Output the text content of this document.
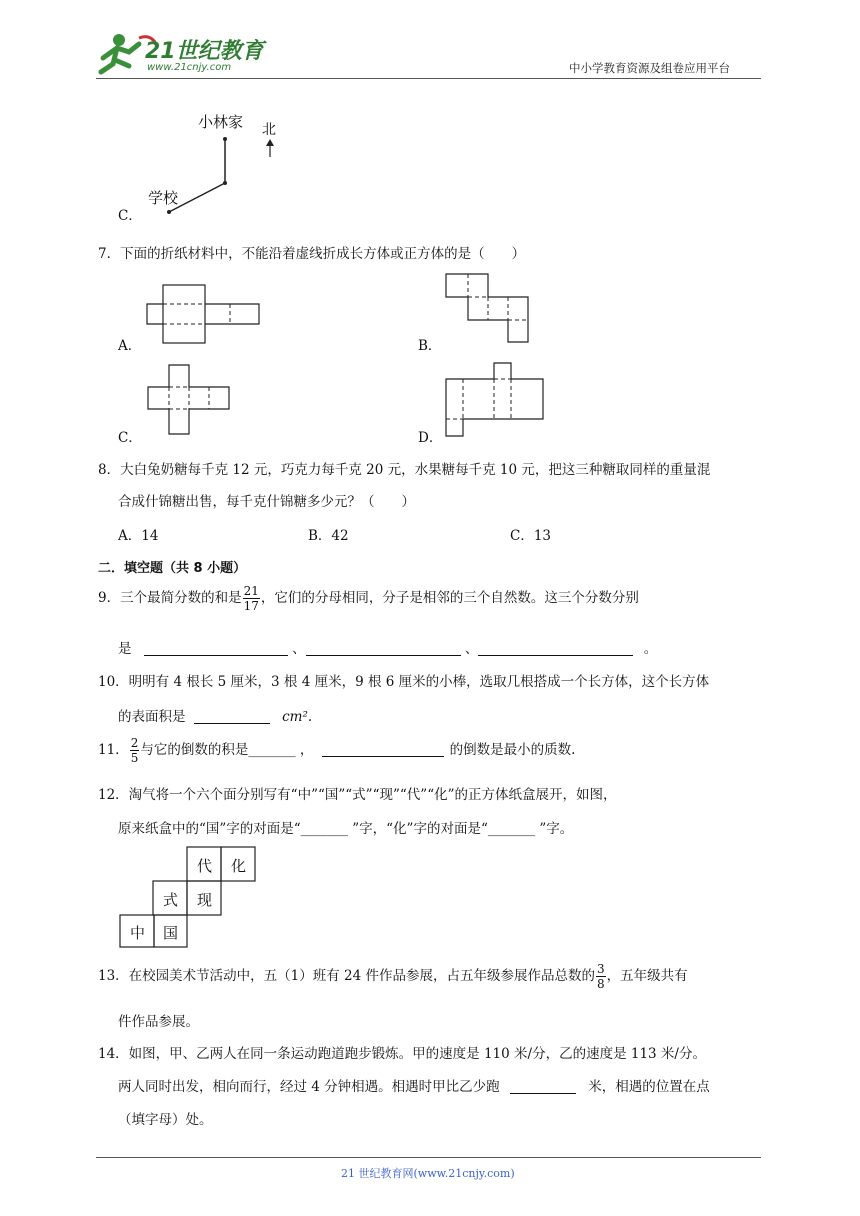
21世纪教育
www.21cnjy.com	中小学教育资源及组卷应用平台
C．
小林家 北
学校
7．下面的折纸材料中，不能沿着虚线折成长方体或正方体的是（　　）
A．	B．
C．	D．
8．大白兔奶糖每千克 12 元，巧克力每千克 20 元，水果糖每千克 10 元，把这三种糖取同样的重量混
合成什锦糖出售，每千克什锦糖多少元？（　　）
A．14	B．42	C．13
二．填空题（共 8 小题）
9．三个最简分数的和是 $\frac{21}{17}$ ，它们的分母相同，分子是相邻的三个自然数。这三个分数分别
是	、	、	。
10．明明有 4 根长 5 厘米，3 根 4 厘米，9 根 6 厘米的小棒，选取几根搭成一个长方体，这个长方体
的表面积是	cm².
11． $\frac{2}{5}$ 与它的倒数的积是_______ ，	的倒数是最小的质数.
12．淘气将一个六个面分别写有“中”“国”“式”“现”“代”“化”的正方体纸盒展开，如图，
原来纸盒中的“国”字的对面是“_______ ”字，“化”字的对面是“_______ ”字。
代 化
式 现
中 国
13．在校园美术节活动中，五（1）班有 24 件作品参展，占五年级参展作品总数的 $\frac{3}{8}$ ，五年级共有
件作品参展。
14．如图，甲、乙两人在同一条运动跑道跑步锻炼。甲的速度是 110 米/分，乙的速度是 113 米/分。
两人同时出发，相向而行，经过 4 分钟相遇。相遇时甲比乙少跑	米，相遇的位置在点
（填字母）处。
21 世纪教育网(www.21cnjy.com)
